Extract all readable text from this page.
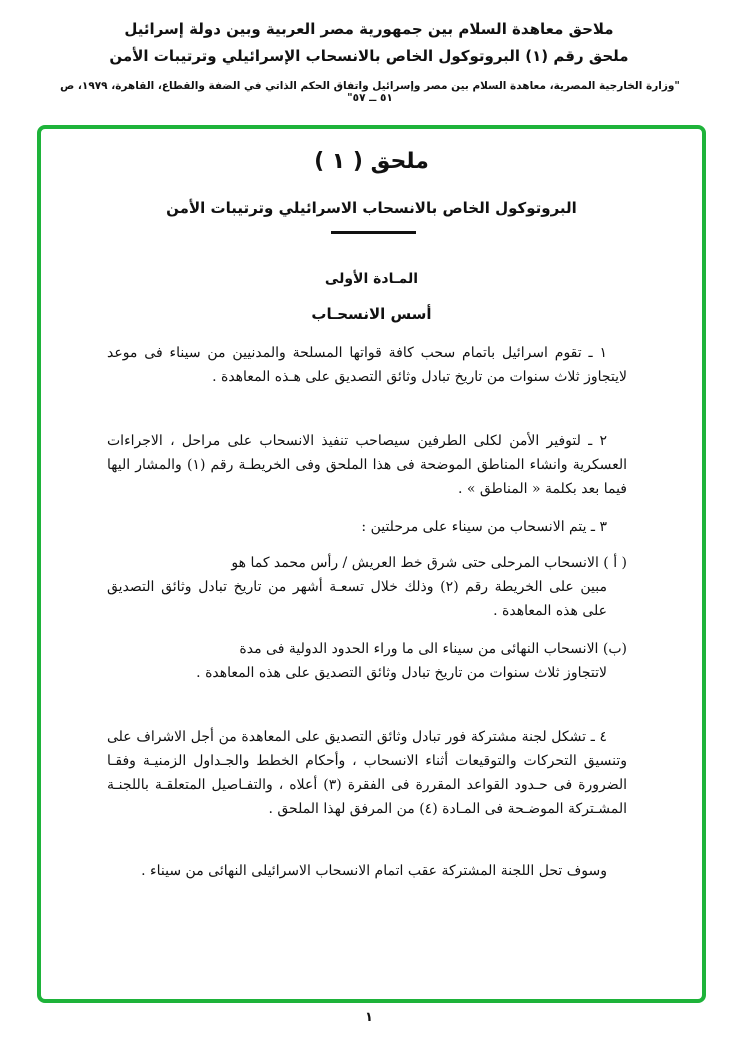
ملاحق معاهدة السلام بين جمهورية مصر العربية وبين دولة إسرائيل
ملحق رقم (١) البروتوكول الخاص بالانسحاب الإسرائيلي وترتيبات الأمن
"وزارة الخارجية المصرية، معاهدة السلام بين مصر وإسرائيل واتفاق الحكم الذاتي في الضفة والقطاع، القاهرة، ١٩٧٩، ص ٥١ ــ ٥٧"
ملحق ( ١ )
البروتوكول الخاص بالانسحاب الاسرائيلي وترتيبات الأمن
المـادة الأولى
أسس الانسحـاب
١ ـ تقوم اسرائيل باتمام سحب كافة قواتها المسلحة والمدنيين من سيناء فى موعد لايتجاوز ثلاث سنوات من تاريخ تبادل وثائق التصديق على هـذه المعاهدة .
٢ ـ لتوفير الأمن لكلى الطرفين سيصاحب تنفيذ الانسحاب على مراحل ، الاجراءات العسكرية وانشاء المناطق الموضحة فى هذا الملحق وفى الخريطـة رقم (١) والمشار اليها فيما بعد بكلمة « المناطق » .
٣ ـ يتم الانسحاب من سيناء على مرحلتين :
( أ ) الانسحاب المرحلى حتى شرق خط العريش / رأس محمد كما هو
مبين على الخريطة رقم (٢) وذلك خلال تسعـة أشهر من تاريخ تبادل وثائق التصديق على هذه المعاهدة .
(ب) الانسحاب النهائى من سيناء الى ما وراء الحدود الدولية فى مدة
لاتتجاوز ثلاث سنوات من تاريخ تبادل وثائق التصديق على هذه المعاهدة .
٤ ـ تشكل لجنة مشتركة فور تبادل وثائق التصديق على المعاهدة من أجل الاشراف على وتنسيق التحركات والتوقيعات أثناء الانسحاب ، وأحكام الخطط والجـداول الزمنيـة وفقـا الضرورة فى حـدود القواعد المقررة فى الفقرة (٣) أعلاه ، والتفـاصيل المتعلقـة باللجنـة المشـتركة الموضـحة فى المـادة (٤) من المرفق لهذا الملحق .
وسوف تحل اللجنة المشتركة عقب اتمام الانسحاب الاسرائيلى النهائى من سيناء .
١
